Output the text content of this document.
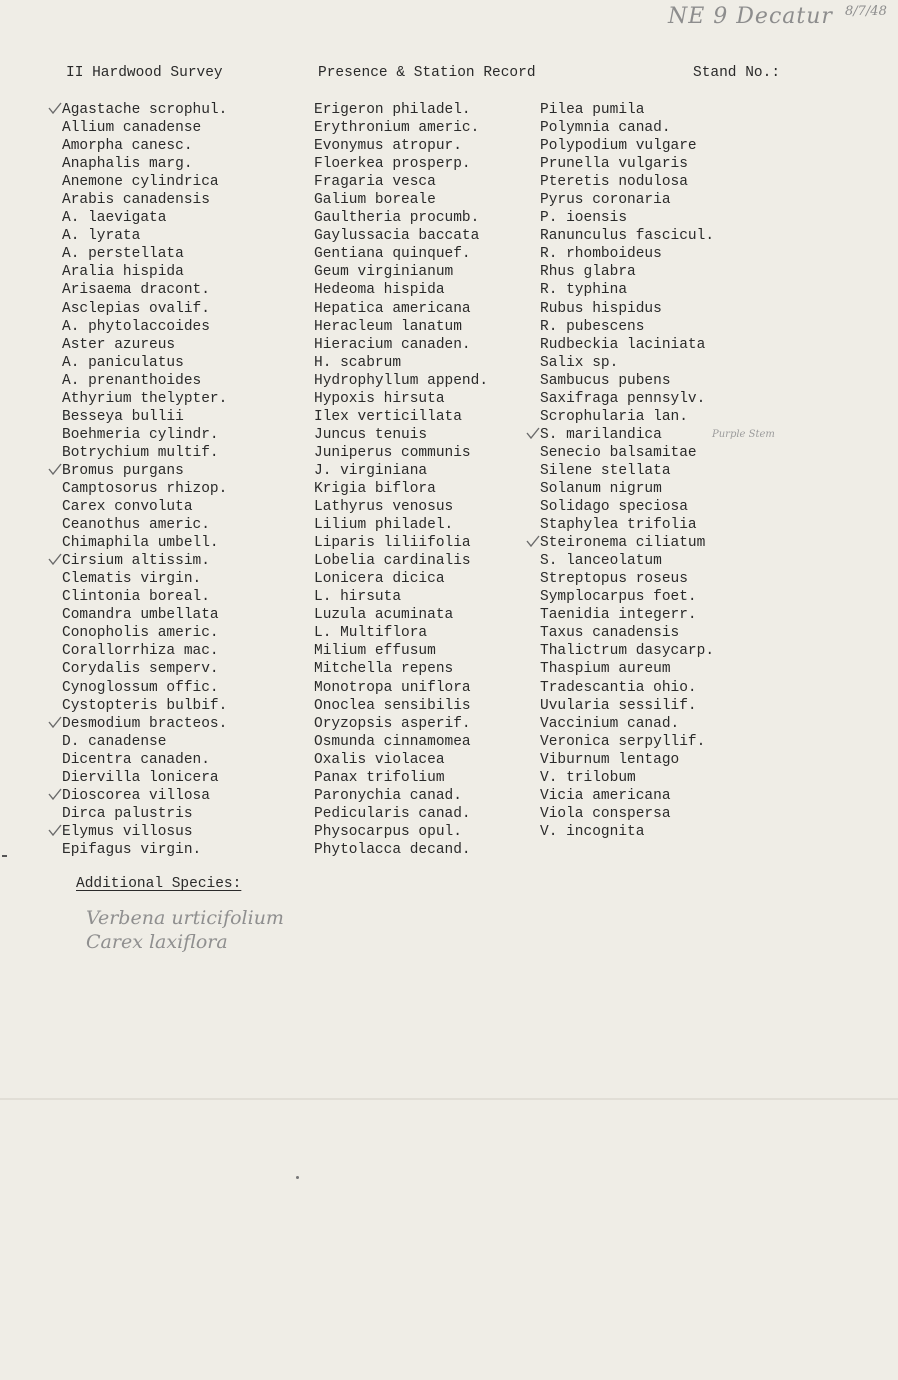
NE 9 Decatur 8/7/48
II Hardwood Survey	Presence & Station Record	Stand No.:
Agastache scrophul.
Allium canadense
Amorpha canesc.
Anaphalis marg.
Anemone cylindrica
Arabis canadensis
A. laevigata
A. lyrata
A. perstellata
Aralia hispida
Arisaema dracont.
Asclepias ovalif.
A. phytolaccoides
Aster azureus
A. paniculatus
A. prenanthoides
Athyrium thelypter.
Besseya bullii
Boehmeria cylindr.
Botrychium multif.
Bromus purgans
Camptosorus rhizop.
Carex convoluta
Ceanothus americ.
Chimaphila umbell.
Cirsium altissim.
Clematis virgin.
Clintonia boreal.
Comandra umbellata
Conopholis americ.
Corallorrhiza mac.
Corydalis semperv.
Cynoglossum offic.
Cystopteris bulbif.
Desmodium bracteos.
D. canadense
Dicentra canaden.
Diervilla lonicera
Dioscorea villosa
Dirca palustris
Elymus villosus
Epifagus virgin.
Erigeron philadel.
Erythronium americ.
Evonymus atropur.
Floerkea prosperp.
Fragaria vesca
Galium boreale
Gaultheria procumb.
Gaylussacia baccata
Gentiana quinquef.
Geum virginianum
Hedeoma hispida
Hepatica americana
Heracleum lanatum
Hieracium canaden.
H. scabrum
Hydrophyllum append.
Hypoxis hirsuta
Ilex verticillata
Juncus tenuis
Juniperus communis
J. virginiana
Krigia biflora
Lathyrus venosus
Lilium philadel.
Liparis liliifolia
Lobelia cardinalis
Lonicera dicica
L. hirsuta
Luzula acuminata
L. Multiflora
Milium effusum
Mitchella repens
Monotropa uniflora
Onoclea sensibilis
Oryzopsis asperif.
Osmunda cinnamomea
Oxalis violacea
Panax trifolium
Paronychia canad.
Pedicularis canad.
Physocarpus opul.
Phytolacca decand.
Pilea pumila
Polymnia canad.
Polypodium vulgare
Prunella vulgaris
Pteretis nodulosa
Pyrus coronaria
P. ioensis
Ranunculus fascicul.
R. rhomboideus
Rhus glabra
R. typhina
Rubus hispidus
R. pubescens
Rudbeckia laciniata
Salix sp.
Sambucus pubens
Saxifraga pennsylv.
Scrophularia lan.
S. marilandica	Purple Stem
Senecio balsamitae
Silene stellata
Solanum nigrum
Solidago speciosa
Staphylea trifolia
Steironema ciliatum
S. lanceolatum
Streptopus roseus
Symplocarpus foet.
Taenidia integerr.
Taxus canadensis
Thalictrum dasycarp.
Thaspium aureum
Tradescantia ohio.
Uvularia sessilif.
Vaccinium canad.
Veronica serpyllif.
Viburnum lentago
V. trilobum
Vicia americana
Viola conspersa
V. incognita
Additional Species:
Verbena urticifolium
Carex laxiflora
